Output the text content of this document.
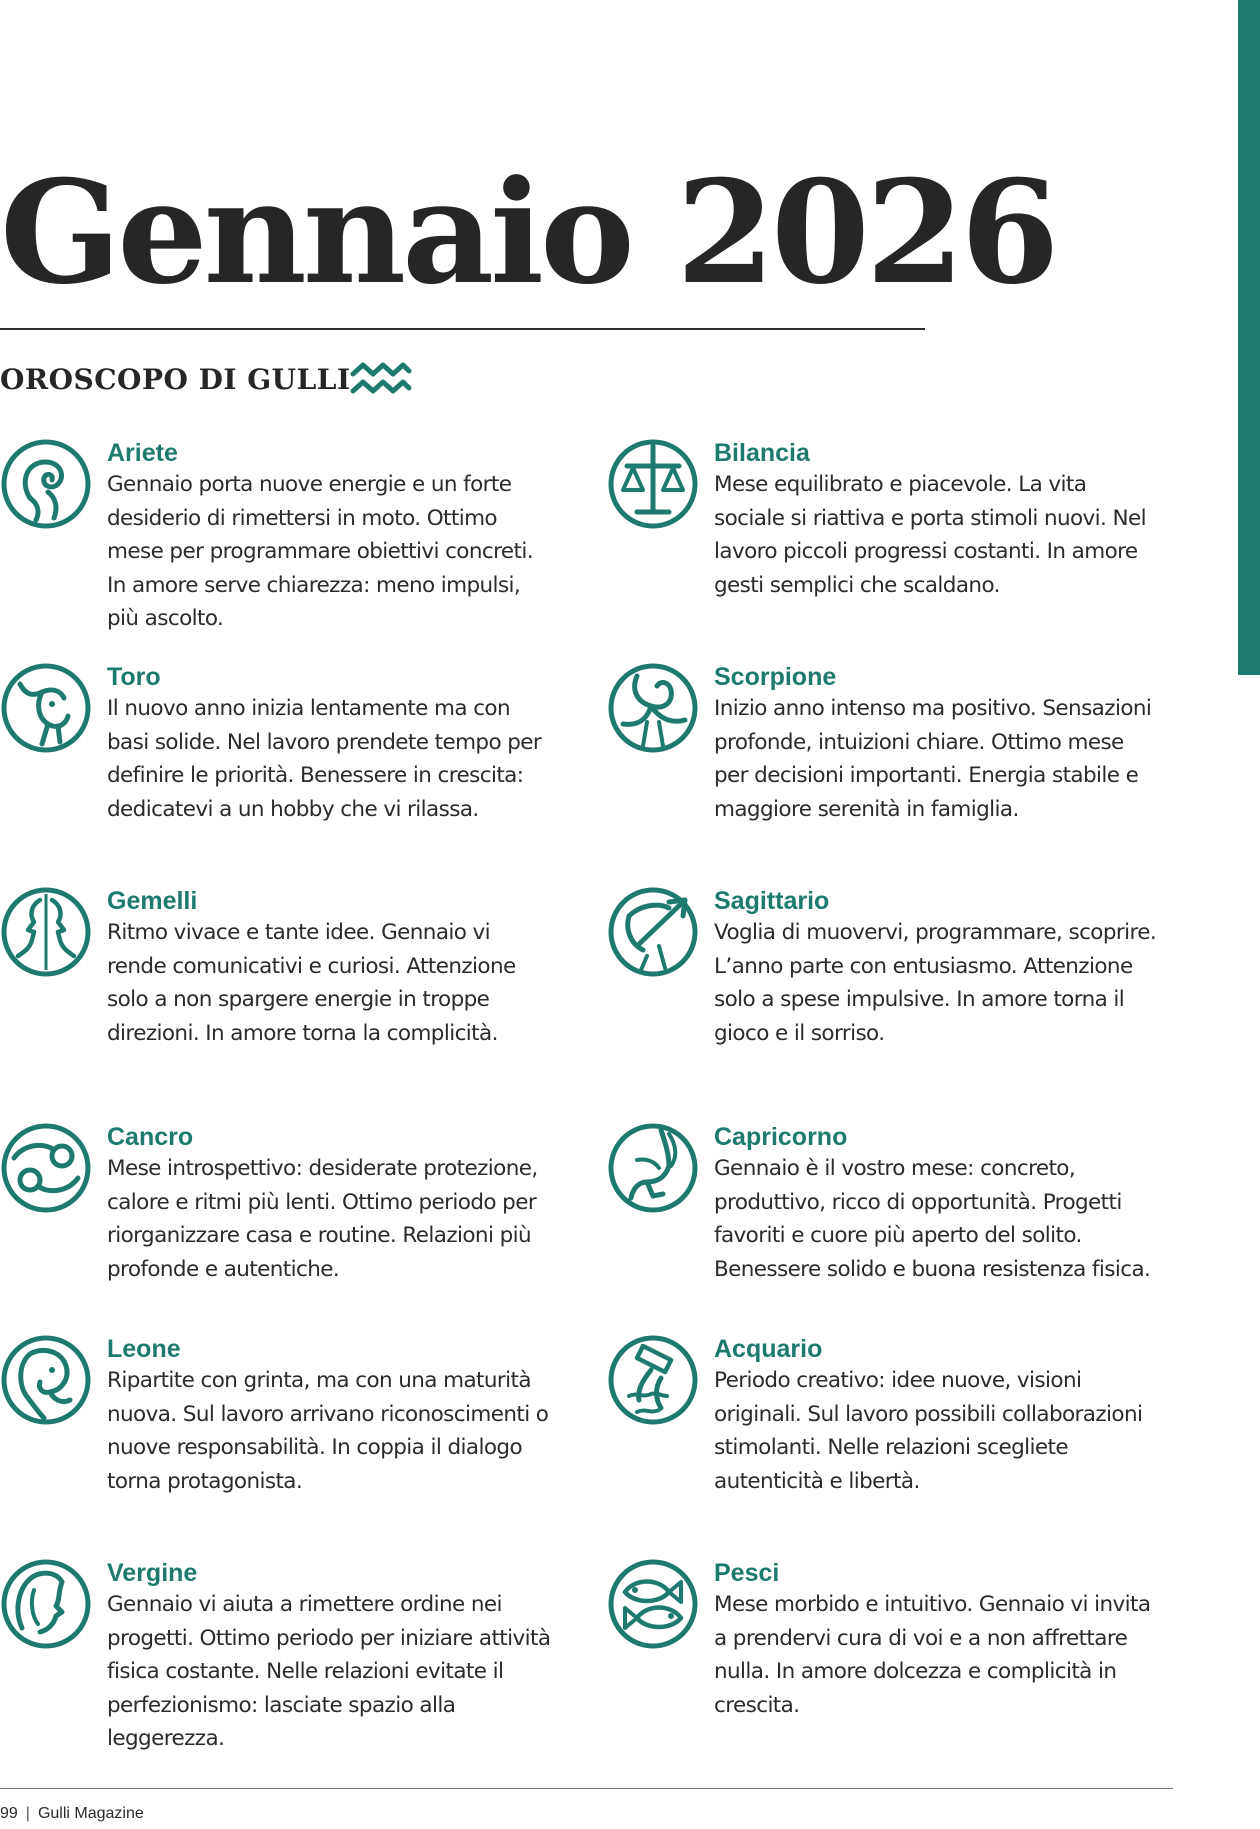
Gennaio 2026
OROSCOPO DI GULLI
Ariete
Gennaio porta nuove energie e un forte desiderio di rimettersi in moto. Ottimo mese per programmare obiettivi concreti. In amore serve chiarezza: meno impulsi, più ascolto.
Toro
Il nuovo anno inizia lentamente ma con basi solide. Nel lavoro prendete tempo per definire le priorità. Benessere in crescita: dedicatevi a un hobby che vi rilassa.
Gemelli
Ritmo vivace e tante idee. Gennaio vi rende comunicativi e curiosi. Attenzione solo a non spargere energie in troppe direzioni. In amore torna la complicità.
Cancro
Mese introspettivo: desiderate protezione, calore e ritmi più lenti. Ottimo periodo per riorganizzare casa e routine. Relazioni più profonde e autentiche.
Leone
Ripartite con grinta, ma con una maturità nuova. Sul lavoro arrivano riconoscimenti o nuove responsabilità. In coppia il dialogo torna protagonista.
Vergine
Gennaio vi aiuta a rimettere ordine nei progetti. Ottimo periodo per iniziare attività fisica costante. Nelle relazioni evitate il perfezionismo: lasciate spazio alla leggerezza.
Bilancia
Mese equilibrato e piacevole. La vita sociale si riattiva e porta stimoli nuovi. Nel lavoro piccoli progressi costanti. In amore gesti semplici che scaldano.
Scorpione
Inizio anno intenso ma positivo. Sensazioni profonde, intuizioni chiare. Ottimo mese per decisioni importanti. Energia stabile e maggiore serenità in famiglia.
Sagittario
Voglia di muovervi, programmare, scoprire. L’anno parte con entusiasmo. Attenzione solo a spese impulsive. In amore torna il gioco e il sorriso.
Capricorno
Gennaio è il vostro mese: concreto, produttivo, ricco di opportunità. Progetti favoriti e cuore più aperto del solito. Benessere solido e buona resistenza fisica.
Acquario
Periodo creativo: idee nuove, visioni originali. Sul lavoro possibili collaborazioni stimolanti. Nelle relazioni scegliete autenticità e libertà.
Pesci
Mese morbido e intuitivo. Gennaio vi invita a prendervi cura di voi e a non affrettare nulla. In amore dolcezza e complicità in crescita.
99 | Gulli Magazine
